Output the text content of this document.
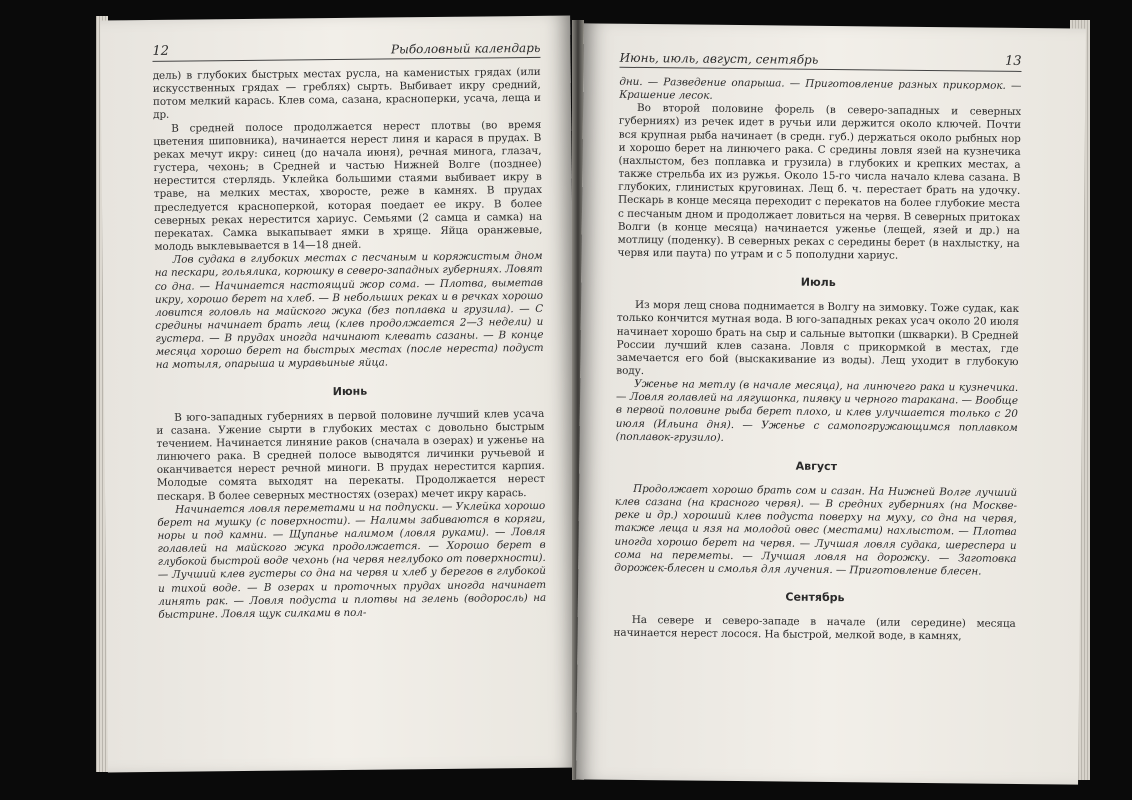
12	Рыболовный календарь

дель) в глубоких быстрых местах русла, на каменистых грядах (или искусственных грядах — греблях) сырть. Выбивает икру средний, потом мелкий карась. Клев сома, сазана, красноперки, усача, леща и др.

В средней полосе продолжается нерест плотвы (во время цветения шиповника), начинается нерест линя и карася в прудах. В реках мечут икру: синец (до начала июня), речная минога, глазач, густера, чехонь; в Средней и частью Нижней Волге (позднее) нерестится стерлядь. Уклейка большими стаями выбивает икру в траве, на мелких местах, хворосте, реже в камнях. В прудах преследуется красноперкой, которая поедает ее икру. В более северных реках нерестится хариус. Семьями (2 самца и самка) на перекатах. Самка выкапывает ямки в хряще. Яйца оранжевые, молодь выклевывается в 14—18 дней.

Лов судака в глубоких местах с песчаным и коряжистым дном на пескари, гольялика, корюшку в северо-западных губерниях. Ловят со дна. — Начинается настоящий жор сома. — Плотва, выметав икру, хорошо берет на хлеб. — В небольших реках и в речках хорошо ловится головль на майского жука (без поплавка и грузила). — С средины начинает брать лещ (клев продолжается 2—3 недели) и густера. — В прудах иногда начинают клевать сазаны. — В конце месяца хорошо берет на быстрых местах (после нереста) подуст на мотыля, опарыша и муравьиные яйца.

Июнь

В юго-западных губерниях в первой половине лучший клев усача и сазана. Ужение сырти в глубоких местах с довольно быстрым течением. Начинается линяние раков (сначала в озерах) и уженье на линючего рака. В средней полосе выводятся личинки ручьевой и оканчивается нерест речной миноги. В прудах нерестится карпия. Молодые сомята выходят на перекаты. Продолжается нерест пескаря. В более северных местностях (озерах) мечет икру карась.

Начинается ловля переметами и на подпуски. — Уклейка хорошо берет на мушку (с поверхности). — Налимы забиваются в коряги, норы и под камни. — Щупанье налимом (ловля руками). — Ловля голавлей на майского жука продолжается. — Хорошо берет в глубокой быстрой воде чехонь (на червя неглубоко от поверхности). — Лучший клев густеры со дна на червя и хлеб у берегов в глубокой и тихой воде. — В озерах и проточных прудах иногда начинает линять рак. — Ловля подуста и плотвы на зелень (водоросль) на быстрине. Ловля щук силками в пол-

Июнь, июль, август, сентябрь	13

дни. — Разведение опарыша. — Приготовление разных прикормок. — Крашение лесок.

Во второй половине форель (в северо-западных и северных губерниях) из речек идет в ручьи или держится около ключей. Почти вся крупная рыба начинает (в средн. губ.) держаться около рыбных нор и хорошо берет на линючего рака. С средины ловля язей на кузнечика (нахлыстом, без поплавка и грузила) в глубоких и крепких местах, а также стрельба их из ружья. Около 15-го числа начало клева сазана. В глубоких, глинистых круговинах. Лещ б. ч. перестает брать на удочку. Пескарь в конце месяца переходит с перекатов на более глубокие места с песчаным дном и продолжает ловиться на червя. В северных притоках Волги (в конце месяца) начинается уженье (лещей, язей и др.) на мотлицу (поденку). В северных реках с середины берет (в нахлыстку, на червя или паута) по утрам и с 5 пополудни хариус.

Июль

Из моря лещ снова поднимается в Волгу на зимовку. Тоже судак, как только кончится мутная вода. В юго-западных реках усач около 20 июля начинает хорошо брать на сыр и сальные вытопки (шкварки). В Средней России лучший клев сазана. Ловля с прикормкой в местах, где замечается его бой (выскакивание из воды). Лещ уходит в глубокую воду.

Уженье на метлу (в начале месяца), на линючего рака и кузнечика. — Ловля голавлей на лягушонка, пиявку и черного таракана. — Вообще в первой половине рыба берет плохо, и клев улучшается только с 20 июля (Ильина дня). — Уженье с самопогружающимся поплавком (поплавок-грузило).

Август

Продолжает хорошо брать сом и сазан. На Нижней Волге лучший клев сазана (на красного червя). — В средних губерниях (на Москве-реке и др.) хороший клев подуста поверху на муху, со дна на червя, также леща и язя на молодой овес (местами) нахлыстом. — Плотва иногда хорошо берет на червя. — Лучшая ловля судака, шереспера и сома на переметы. — Лучшая ловля на дорожку. — Заготовка дорожек-блесен и смолья для лучения. — Приготовление блесен.

Сентябрь

На севере и северо-западе в начале (или середине) месяца начинается нерест лосося. На быстрой, мелкой воде, в камнях,
